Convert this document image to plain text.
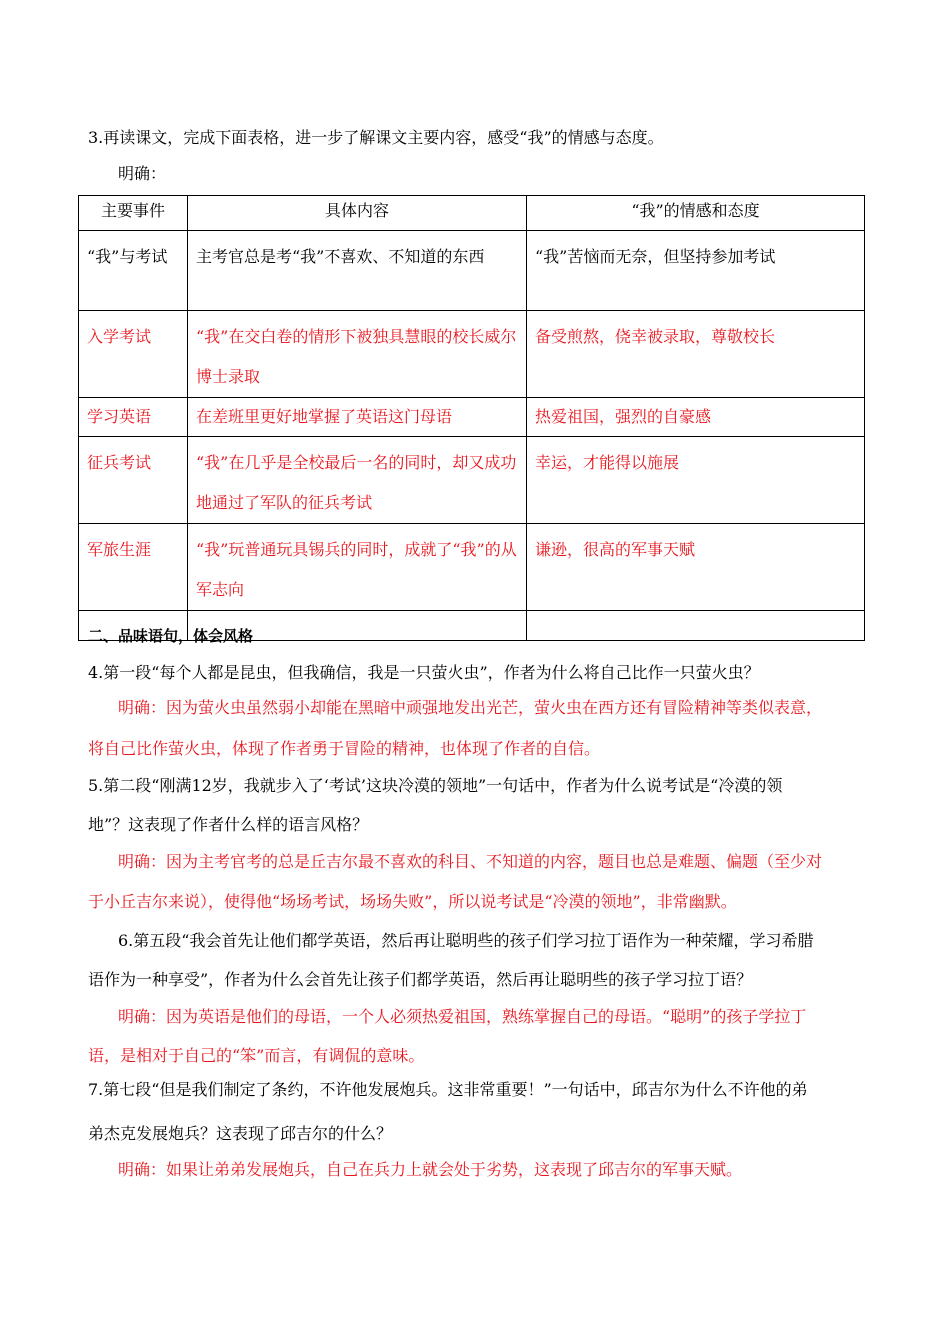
3.再读课文，完成下面表格，进一步了解课文主要内容，感受“我”的情感与态度。
明确：
主要事件	具体内容	“我”的情感和态度
“我”与考试	主考官总是考“我”不喜欢、不知道的东西	“我”苦恼而无奈，但坚持参加考试
入学考试	“我”在交白卷的情形下被独具慧眼的校长威尔博士录取	备受煎熬，侥幸被录取，尊敬校长
学习英语	在差班里更好地掌握了英语这门母语	热爱祖国，强烈的自豪感
征兵考试	“我”在几乎是全校最后一名的同时，却又成功地通过了军队的征兵考试	幸运，才能得以施展
军旅生涯	“我”玩普通玩具锡兵的同时，成就了“我”的从军志向	谦逊，很高的军事天赋

二、品味语句，体会风格
4.第一段“每个人都是昆虫，但我确信，我是一只萤火虫”，作者为什么将自己比作一只萤火虫？
明确：因为萤火虫虽然弱小却能在黑暗中顽强地发出光芒，萤火虫在西方还有冒险精神等类似表意，
将自己比作萤火虫，体现了作者勇于冒险的精神，也体现了作者的自信。
5.第二段“刚满12岁，我就步入了‘考试’这块冷漠的领地”一句话中，作者为什么说考试是“冷漠的领
地”？这表现了作者什么样的语言风格？
明确：因为主考官考的总是丘吉尔最不喜欢的科目、不知道的内容，题目也总是难题、偏题（至少对
于小丘吉尔来说），使得他“场场考试，场场失败”，所以说考试是“冷漠的领地”，非常幽默。
6.第五段“我会首先让他们都学英语，然后再让聪明些的孩子们学习拉丁语作为一种荣耀，学习希腊
语作为一种享受”，作者为什么会首先让孩子们都学英语，然后再让聪明些的孩子学习拉丁语？
明确：因为英语是他们的母语，一个人必须热爱祖国，熟练掌握自己的母语。“聪明”的孩子学拉丁
语，是相对于自己的“笨”而言，有调侃的意味。
7.第七段“但是我们制定了条约，不许他发展炮兵。这非常重要！”一句话中，邱吉尔为什么不许他的弟
弟杰克发展炮兵？这表现了邱吉尔的什么？
明确：如果让弟弟发展炮兵，自己在兵力上就会处于劣势，这表现了邱吉尔的军事天赋。
